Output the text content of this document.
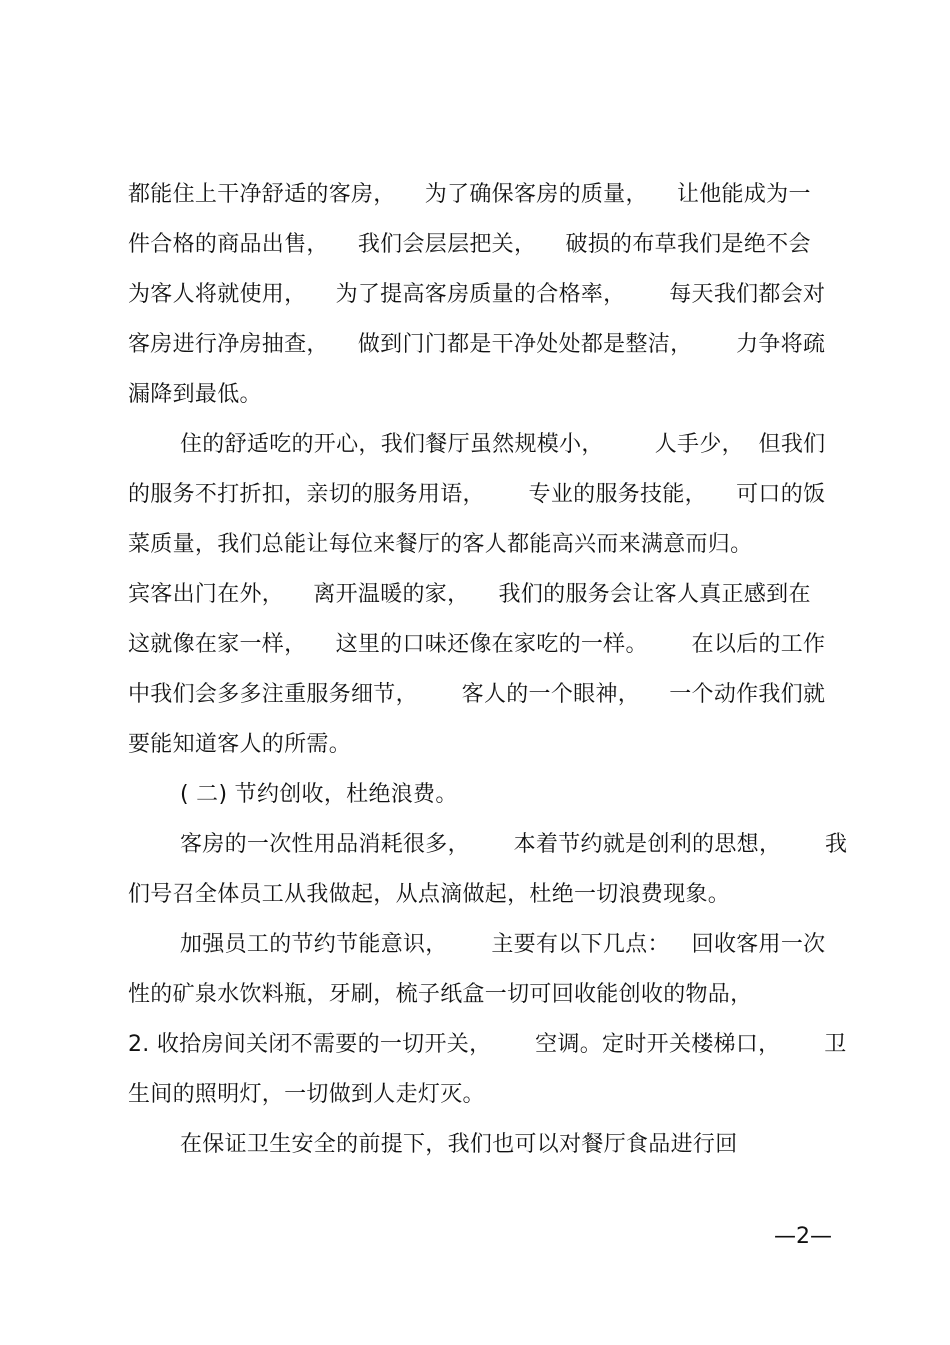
都能住上干净舒适的客房，    为了确保客房的质量，    让他能成为一
件合格的商品出售，    我们会层层把关，    破损的布草我们是绝不会
为客人将就使用，    为了提高客房质量的合格率，      每天我们都会对
客房进行净房抽查，    做到门门都是干净处处都是整洁，      力争将疏
漏降到最低。
住的舒适吃的开心，我们餐厅虽然规模小，       人手少，  但我们
的服务不打折扣，亲切的服务用语，      专业的服务技能，    可口的饭
菜质量，我们总能让每位来餐厅的客人都能高兴而来满意而归。
宾客出门在外，    离开温暖的家，    我们的服务会让客人真正感到在
这就像在家一样，    这里的口味还像在家吃的一样。      在以后的工作
中我们会多多注重服务细节，      客人的一个眼神，    一个动作我们就
要能知道客人的所需。
( 二) 节约创收，杜绝浪费。
客房的一次性用品消耗很多，      本着节约就是创利的思想，      我
们号召全体员工从我做起，从点滴做起，杜绝一切浪费现象。
加强员工的节约节能意识，      主要有以下几点：   回收客用一次
性的矿泉水饮料瓶，牙刷，梳子纸盒一切可回收能创收的物品，
2. 收拾房间关闭不需要的一切开关，      空调。定时开关楼梯口，      卫
生间的照明灯，一切做到人走灯灭。
在保证卫生安全的前提下，我们也可以对餐厅食品进行回
—2—
